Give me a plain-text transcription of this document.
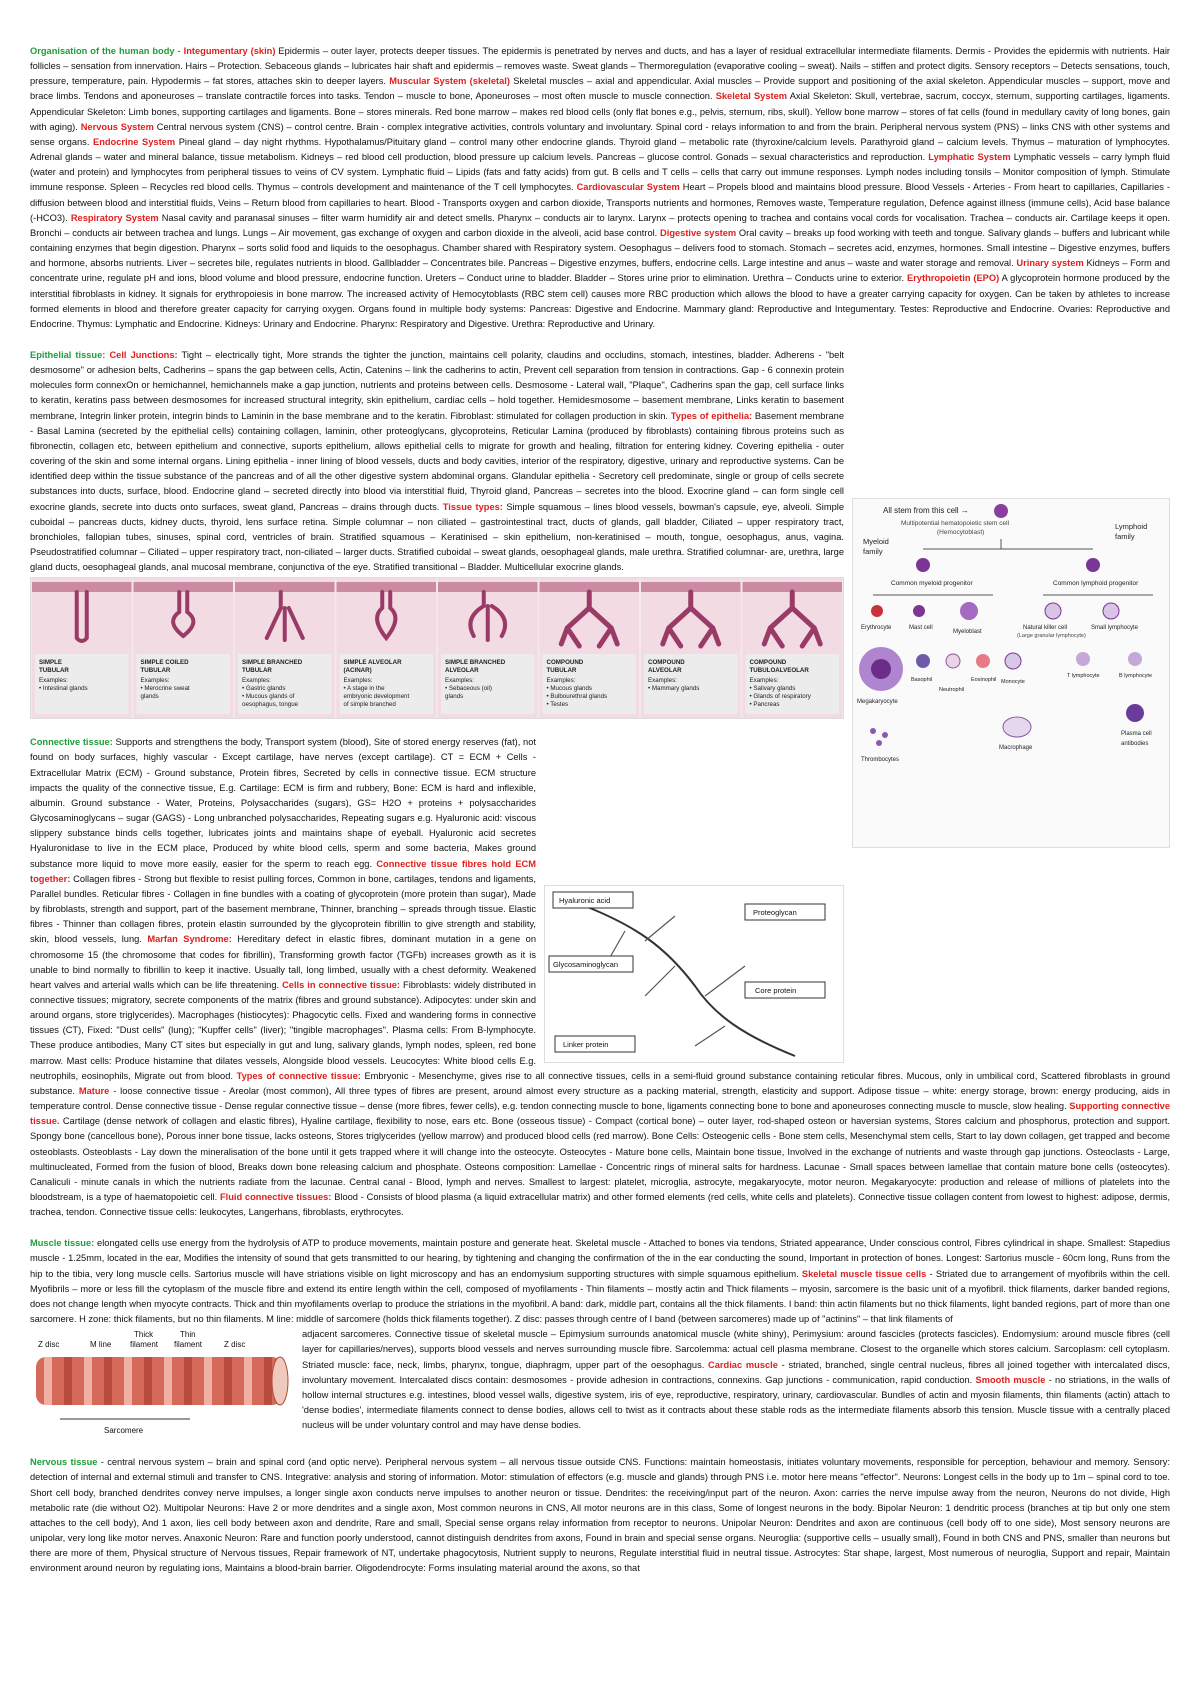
Organisation of the human body - Integumentary (skin) Epidermis – outer layer, protects deeper tissues. The epidermis is penetrated by nerves and ducts, and has a layer of residual extracellular intermediate filaments. Dermis - Provides the epidermis with nutrients. Hair follicles – sensation from innervation. Hairs – Protection. Sebaceous glands – lubricates hair shaft and epidermis – removes waste. Sweat glands – Thermoregulation (evaporative cooling – sweat). Nails – stiffen and protect digits. Sensory receptors – Detects sensations, touch, pressure, temperature, pain. Hypodermis – fat stores, attaches skin to deeper layers. Muscular System (skeletal) Skeletal muscles – axial and appendicular. Axial muscles – Provide support and positioning of the axial skeleton. Appendicular muscles – support, move and brace limbs. Tendons and aponeuroses – translate contractile forces into tasks. Tendon – muscle to bone, Aponeuroses – most often muscle to muscle connection. Skeletal System Axial Skeleton: Skull, vertebrae, sacrum, coccyx, sternum, supporting cartilages, ligaments. Appendicular Skeleton: Limb bones, supporting cartilages and ligaments. Bone – stores minerals. Red bone marrow – makes red blood cells (only flat bones e.g., pelvis, sternum, ribs, skull). Yellow bone marrow – stores of fat cells (found in medullary cavity of long bones, gain with aging). Nervous System Central nervous system (CNS) – control centre. Brain - complex integrative activities, controls voluntary and involuntary. Spinal cord - relays information to and from the brain. Peripheral nervous system (PNS) – links CNS with other systems and sense organs. Endocrine System Pineal gland – day night rhythms. Hypothalamus/Pituitary gland – control many other endocrine glands. Thyroid gland – metabolic rate (thyroxine/calcium levels. Parathyroid gland – calcium levels. Thymus – maturation of lymphocytes. Adrenal glands – water and mineral balance, tissue metabolism. Kidneys – red blood cell production, blood pressure up calcium levels. Pancreas – glucose control. Gonads – sexual characteristics and reproduction. Lymphatic System Lymphatic vessels – carry lymph fluid (water and protein) and lymphocytes from peripheral tissues to veins of CV system. Lymphatic fluid – Lipids (fats and fatty acids) from gut. B cells and T cells – cells that carry out immune responses. Lymph nodes including tonsils – Monitor composition of lymph. Stimulate immune response. Spleen – Recycles red blood cells. Thymus – controls development and maintenance of the T cell lymphocytes. Cardiovascular System Heart – Propels blood and maintains blood pressure. Blood Vessels - Arteries - From heart to capillaries, Capillaries - diffusion between blood and interstitial fluids, Veins – Return blood from capillaries to heart. Blood - Transports oxygen and carbon dioxide, Transports nutrients and hormones, Removes waste, Temperature regulation, Defence against illness (immune cells), Acid base balance (-HCO3). Respiratory System Nasal cavity and paranasal sinuses – filter warm humidify air and detect smells. Pharynx – conducts air to larynx. Larynx – protects opening to trachea and contains vocal cords for vocalisation. Trachea – conducts air. Cartilage keeps it open. Bronchi – conducts air between trachea and lungs. Lungs – Air movement, gas exchange of oxygen and carbon dioxide in the alveoli, acid base control. Digestive system Oral cavity – breaks up food working with teeth and tongue. Salivary glands – buffers and lubricant while containing enzymes that begin digestion. Pharynx – sorts solid food and liquids to the oesophagus. Chamber shared with Respiratory system. Oesophagus – delivers food to stomach. Stomach – secretes acid, enzymes, hormones. Small intestine – Digestive enzymes, buffers and hormone, absorbs nutrients. Liver – secretes bile, regulates nutrients in blood. Gallbladder – Concentrates bile. Pancreas – Digestive enzymes, buffers, endocrine cells. Large intestine and anus – waste and water storage and removal. Urinary system Kidneys – Form and concentrate urine, regulate pH and ions, blood volume and blood pressure, endocrine function. Ureters – Conduct urine to bladder. Bladder – Stores urine prior to elimination. Urethra – Conducts urine to exterior. Erythropoietin (EPO) A glycoprotein hormone produced by the interstitial fibroblasts in kidney. It signals for erythropoiesis in bone marrow. The increased activity of Hemocytoblasts (RBC stem cell) causes more RBC production which allows the blood to have a greater carrying capacity for oxygen. Can be taken by athletes to increase formed elements in blood and therefore greater capacity for carrying oxygen. Organs found in multiple body systems: Pancreas: Digestive and Endocrine. Mammary gland: Reproductive and Integumentary. Testes: Reproductive and Endocrine. Ovaries: Reproductive and Endocrine. Thymus: Lymphatic and Endocrine. Kidneys: Urinary and Endocrine. Pharynx: Respiratory and Digestive. Urethra: Reproductive and Urinary.

All stem from this cell →
Multipotential hematopoietic stem cell
(Hemocytoblast)
Myeloid
family
Lymphoid
family
Common myeloid progenitor	Common lymphoid progenitor
Erythrocyte	Mast cell
Myeloblast
Natural killer cell
(Large granular lymphocyte)
Small lymphocyte
Megakaryocyte
Basophil
Neutrophil
Eosinophil Monocyte
T lymphocyte	B lymphocyte
Thrombocytes
Macrophage
Plasma cell
antibodies

Epithelial tissue: Cell Junctions: Tight – electrically tight, More strands the tighter the junction, maintains cell polarity, claudins and occludins, stomach, intestines, bladder. Adherens - "belt desmosome" or adhesion belts, Cadherins – spans the gap between cells, Actin, Catenins – link the cadherins to actin, Prevent cell separation from tension in contractions. Gap - 6 connexin protein molecules form connexOn or hemichannel, hemichannels make a gap junction, nutrients and proteins between cells. Desmosome - Lateral wall, "Plaque", Cadherins span the gap, cell surface links to keratin, keratins pass between desmosomes for increased structural integrity, skin epithelium, cardiac cells – hold together. Hemidesmosome – basement membrane, Links keratin to basement membrane, Integrin linker protein, integrin binds to Laminin in the base membrane and to the keratin. Fibroblast: stimulated for collagen production in skin. Types of epithelia: Basement membrane - Basal Lamina (secreted by the epithelial cells) containing collagen, laminin, other proteoglycans, glycoproteins, Reticular Lamina (produced by fibroblasts) containing fibrous proteins such as fibronectin, collagen etc, between epithelium and connective, suports epithelium, allows epithelial cells to migrate for growth and healing, filtration for entering kidney. Covering epithelia - outer covering of the skin and some internal organs. Lining epithelia - inner lining of blood vessels, ducts and body cavities, interior of the respiratory, digestive, urinary and reproductive systems. Can be identified deep within the tissue substance of the pancreas and of all the other digestive system abdominal organs. Glandular epithelia - Secretory cell predominate, single or group of cells secrete substances into ducts, surface, blood. Endocrine gland – secreted directly into blood via interstitial fluid, Thyroid gland, Pancreas – secretes into the blood. Exocrine gland – can form single cell exocrine glands, secrete into ducts onto surfaces, sweat gland, Pancreas – drains through ducts. Tissue types: Simple squamous – lines blood vessels, bowman's capsule, eye, alveoli. Simple cuboidal – pancreas ducts, kidney ducts, thyroid, lens surface retina. Simple columnar – non ciliated – gastrointestinal tract, ducts of glands, gall bladder, Ciliated – upper respiratory tract, bronchioles, fallopian tubes, sinuses, spinal cord, ventricles of brain. Stratified squamous – Keratinised – skin epithelium, non-keratinised – mouth, tongue, oesophagus, anus, vagina. Pseudostratified columnar – Ciliated – upper respiratory tract, non-ciliated – larger ducts. Stratified cuboidal – sweat glands, oesophageal glands, male urethra. Stratified columnar- are, urethra, large gland ducts, oesophageal glands, anal mucosal membrane, conjunctiva of the eye. Stratified transitional – Bladder. Multicellular exocrine glands.

SIMPLE
TUBULAR
Examples:
• Intestinal glands
SIMPLE COILED
TUBULAR
Examples:
• Merocrine sweat
glands
SIMPLE BRANCHED
TUBULAR
Examples:
• Gastric glands
• Mucous glands of
oesophagus, tongue
SIMPLE ALVEOLAR
(ACINAR)
Examples:
• A stage in the
embryonic development
of simple branched
SIMPLE BRANCHED
ALVEOLAR
Examples:
• Sebaceous (oil)
glands
COMPOUND
TUBULAR
Examples:
• Mucous glands
• Bulbourethral glands
• Testes
COMPOUND
ALVEOLAR
Examples:
• Mammary glands
COMPOUND
TUBULOALVEOLAR
Examples:
• Salivary glands
• Glands of respiratory
• Pancreas
Hyaluronic acid
Proteoglycan
Glycosaminoglycan
Core protein
Linker protein

Connective tissue: Supports and strengthens the body, Transport system (blood), Site of stored energy reserves (fat), not found on body surfaces, highly vascular - Except cartilage, have nerves (except cartilage). CT = ECM + Cells - Extracellular Matrix (ECM) - Ground substance, Protein fibres, Secreted by cells in connective tissue. ECM structure impacts the quality of the connective tissue, E.g. Cartilage: ECM is firm and rubbery, Bone: ECM is hard and inflexible, albumin. Ground substance - Water, Proteins, Polysaccharides (sugars), GS= H2O + proteins + polysaccharides Glycosaminoglycans – sugar (GAGS) - Long unbranched polysaccharides, Repeating sugars e.g. Hyaluronic acid: viscous slippery substance binds cells together, lubricates joints and maintains shape of eyeball. Hyaluronic acid secretes Hyaluronidase to live in the ECM place, Produced by white blood cells, sperm and some bacteria, Makes ground substance more liquid to move more easily, easier for the sperm to reach egg. Connective tissue fibres hold ECM together: Collagen fibres - Strong but flexible to resist pulling forces, Common in bone, cartilages, tendons and ligaments, Parallel bundles. Reticular fibres - Collagen in fine bundles with a coating of glycoprotein (more protein than sugar), Made by fibroblasts, strength and support, part of the basement membrane, Thinner, branching – spreads through tissue. Elastic fibres - Thinner than collagen fibres, protein elastin surrounded by the glycoprotein fibrillin to give strength and stability, skin, blood vessels, lung. Marfan Syndrome: Hereditary defect in elastic fibres, dominant mutation in a gene on chromosome 15 (the chromosome that codes for fibrillin), Transforming growth factor (TGFb) increases growth as it is unable to bind normally to fibrillin to keep it inactive. Usually tall, long limbed, usually with a chest deformity. Weakened heart valves and arterial walls which can be life threatening. Cells in connective tissue: Fibroblasts: widely distributed in connective tissues; migratory, secrete components of the matrix (fibres and ground substance). Adipocytes: under skin and around organs, store triglycerides). Macrophages (histiocytes): Phagocytic cells. Fixed and wandering forms in connective tissues (CT), Fixed: "Dust cells" (lung); "Kupffer cells" (liver); "tingible macrophages". Plasma cells: From B-lymphocyte. These produce antibodies, Many CT sites but especially in gut and lung, salivary glands, lymph nodes, spleen, red bone marrow. Mast cells: Produce histamine that dilates vessels, Alongside blood vessels. Leucocytes: White blood cells E.g. neutrophils, eosinophils, Migrate out from blood. Types of connective tissue: Embryonic - Mesenchyme, gives rise to all connective tissues, cells in a semi-fluid ground substance containing reticular fibres. Mucous, only in umbilical cord, Scattered fibroblasts in ground substance. Mature - loose connective tissue - Areolar (most common), All three types of fibres are present, around almost every structure as a packing material, strength, elasticity and support. Adipose tissue – white: energy storage, brown: energy producing, aids in temperature control. Dense connective tissue - Dense regular connective tissue – dense (more fibres, fewer cells), e.g. tendon connecting muscle to bone, ligaments connecting bone to bone and aponeuroses connecting muscle to muscle, slow healing. Supporting connective tissue. Cartilage (dense network of collagen and elastic fibres), Hyaline cartilage, flexibility to nose, ears etc. Bone (osseous tissue) - Compact (cortical bone) – outer layer, rod-shaped osteon or haversian systems, Stores calcium and phosphorus, protection and support. Spongy bone (cancellous bone), Porous inner bone tissue, lacks osteons, Stores triglycerides (yellow marrow) and produced blood cells (red marrow). Bone Cells: Osteogenic cells - Bone stem cells, Mesenchymal stem cells, Start to lay down collagen, get trapped and become osteoblasts. Osteoblasts - Lay down the mineralisation of the bone until it gets trapped where it will change into the osteocyte. Osteocytes - Mature bone cells, Maintain bone tissue, Involved in the exchange of nutrients and waste through gap junctions. Osteoclasts - Large, multinucleated, Formed from the fusion of blood, Breaks down bone releasing calcium and phosphate. Osteons composition: Lamellae - Concentric rings of mineral salts for hardness. Lacunae - Small spaces between lamellae that contain mature bone cells (osteocytes). Canaliculi - minute canals in which the nutrients radiate from the lacunae. Central canal - Blood, lymph and nerves. Smallest to largest: platelet, microglia, astrocyte, megakaryocyte, motor neuron. Megakaryocyte: production and release of millions of platelets into the bloodstream, is a type of haematopoietic cell. Fluid connective tissues: Blood - Consists of blood plasma (a liquid extracellular matrix) and other formed elements (red cells, white cells and platelets). Connective tissue collagen content from lowest to highest: adipose, dermis, trachea, tendon. Connective tissue cells: leukocytes, Langerhans, fibroblasts, erythrocytes.

Muscle tissue: elongated cells use energy from the hydrolysis of ATP to produce movements, maintain posture and generate heat. Skeletal muscle - Attached to bones via tendons, Striated appearance, Under conscious control, Fibres cylindrical in shape. Smallest: Stapedius muscle - 1.25mm, located in the ear, Modifies the intensity of sound that gets transmitted to our hearing, by tightening and changing the confirmation of the in the ear conducting the sound, Important in protection of bones. Longest: Sartorius muscle - 60cm long, Runs from the hip to the tibia, very long muscle cells. Sartorius muscle will have striations visible on light microscopy and has an endomysium supporting structures with simple squamous epithelium. Skeletal muscle tissue cells - Striated due to arrangement of myofibrils within the cell. Myofibrils – more or less fill the cytoplasm of the muscle fibre and extend its entire length within the cell, composed of myofilaments - Thin filaments – mostly actin and Thick filaments – myosin, sarcomere is the basic unit of a myofibril. thick filaments, darker banded regions, does not change length when myocyte contracts. Thick and thin myofilaments overlap to produce the striations in the myofibril. A band: dark, middle part, contains all the thick filaments. I band: thin actin filaments but no thick filaments, light banded regions, part of more than one sarcomere. H zone: thick filaments, but no thin filaments. M line: middle of sarcomere (holds thick filaments together). Z disc: passes through centre of I band (between sarcomeres) made up of "actinins" – that link filaments of

Z disc	M line
Thick
filament
Thin
filament	Z disc
Sarcomere

adjacent sarcomeres. Connective tissue of skeletal muscle – Epimysium surrounds anatomical muscle (white shiny), Perimysium: around fascicles (protects fascicles). Endomysium: around muscle fibres (cell layer for capillaries/nerves), supports blood vessels and nerves surrounding muscle fibre. Sarcolemma: actual cell plasma membrane. Closest to the organelle which stores calcium. Sarcoplasm: cell cytoplasm. Striated muscle: face, neck, limbs, pharynx, tongue, diaphragm, upper part of the oesophagus. Cardiac muscle - striated, branched, single central nucleus, fibres all joined together with intercalated discs, involuntary movement. Intercalated discs contain: desmosomes - provide adhesion in contractions, connexins. Gap junctions - communication, rapid conduction. Smooth muscle - no striations, in the walls of hollow internal structures e.g. intestines, blood vessel walls, digestive system, iris of eye, reproductive, respiratory, urinary, cardiovascular. Bundles of actin and myosin filaments, thin filaments (actin) attach to 'dense bodies', intermediate filaments connect to dense bodies, allows cell to twist as it contracts about these stable rods as the intermediate filaments absorb this tension. Muscle tissue with a centrally placed nucleus will be under voluntary control and may have dense bodies.

Nervous tissue - central nervous system – brain and spinal cord (and optic nerve). Peripheral nervous system – all nervous tissue outside CNS. Functions: maintain homeostasis, initiates voluntary movements, responsible for perception, behaviour and memory. Sensory: detection of internal and external stimuli and transfer to CNS. Integrative: analysis and storing of information. Motor: stimulation of effectors (e.g. muscle and glands) through PNS i.e. motor here means "effector". Neurons: Longest cells in the body up to 1m – spinal cord to toe. Short cell body, branched dendrites convey nerve impulses, a longer single axon conducts nerve impulses to another neuron or tissue. Dendrites: the receiving/input part of the neuron. Axon: carries the nerve impulse away from the neuron, Neurons do not divide, High metabolic rate (die without O2). Multipolar Neurons: Have 2 or more dendrites and a single axon, Most common neurons in CNS, All motor neurons are in this class, Some of longest neurons in the body. Bipolar Neuron: 1 dendritic process (branches at tip but only one stem attaches to the cell body), And 1 axon, lies cell body between axon and dendrite, Rare and small, Special sense organs relay information from receptor to neurons. Unipolar Neuron: Dendrites and axon are continuous (cell body off to one side), Most sensory neurons are unipolar, very long like motor nerves. Anaxonic Neuron: Rare and function poorly understood, cannot distinguish dendrites from axons, Found in brain and special sense organs. Neuroglia: (supportive cells – usually small), Found in both CNS and PNS, smaller than neurons but there are more of them, Physical structure of Nervous tissues, Repair framework of NT, undertake phagocytosis, Nutrient supply to neurons, Regulate interstitial fluid in neutral tissue. Astrocytes: Star shape, largest, Most numerous of neuroglia, Support and repair, Maintain environment around neuron by regulating ions, Maintains a blood-brain barrier. Oligodendrocyte: Forms insulating material around the axons, so that
